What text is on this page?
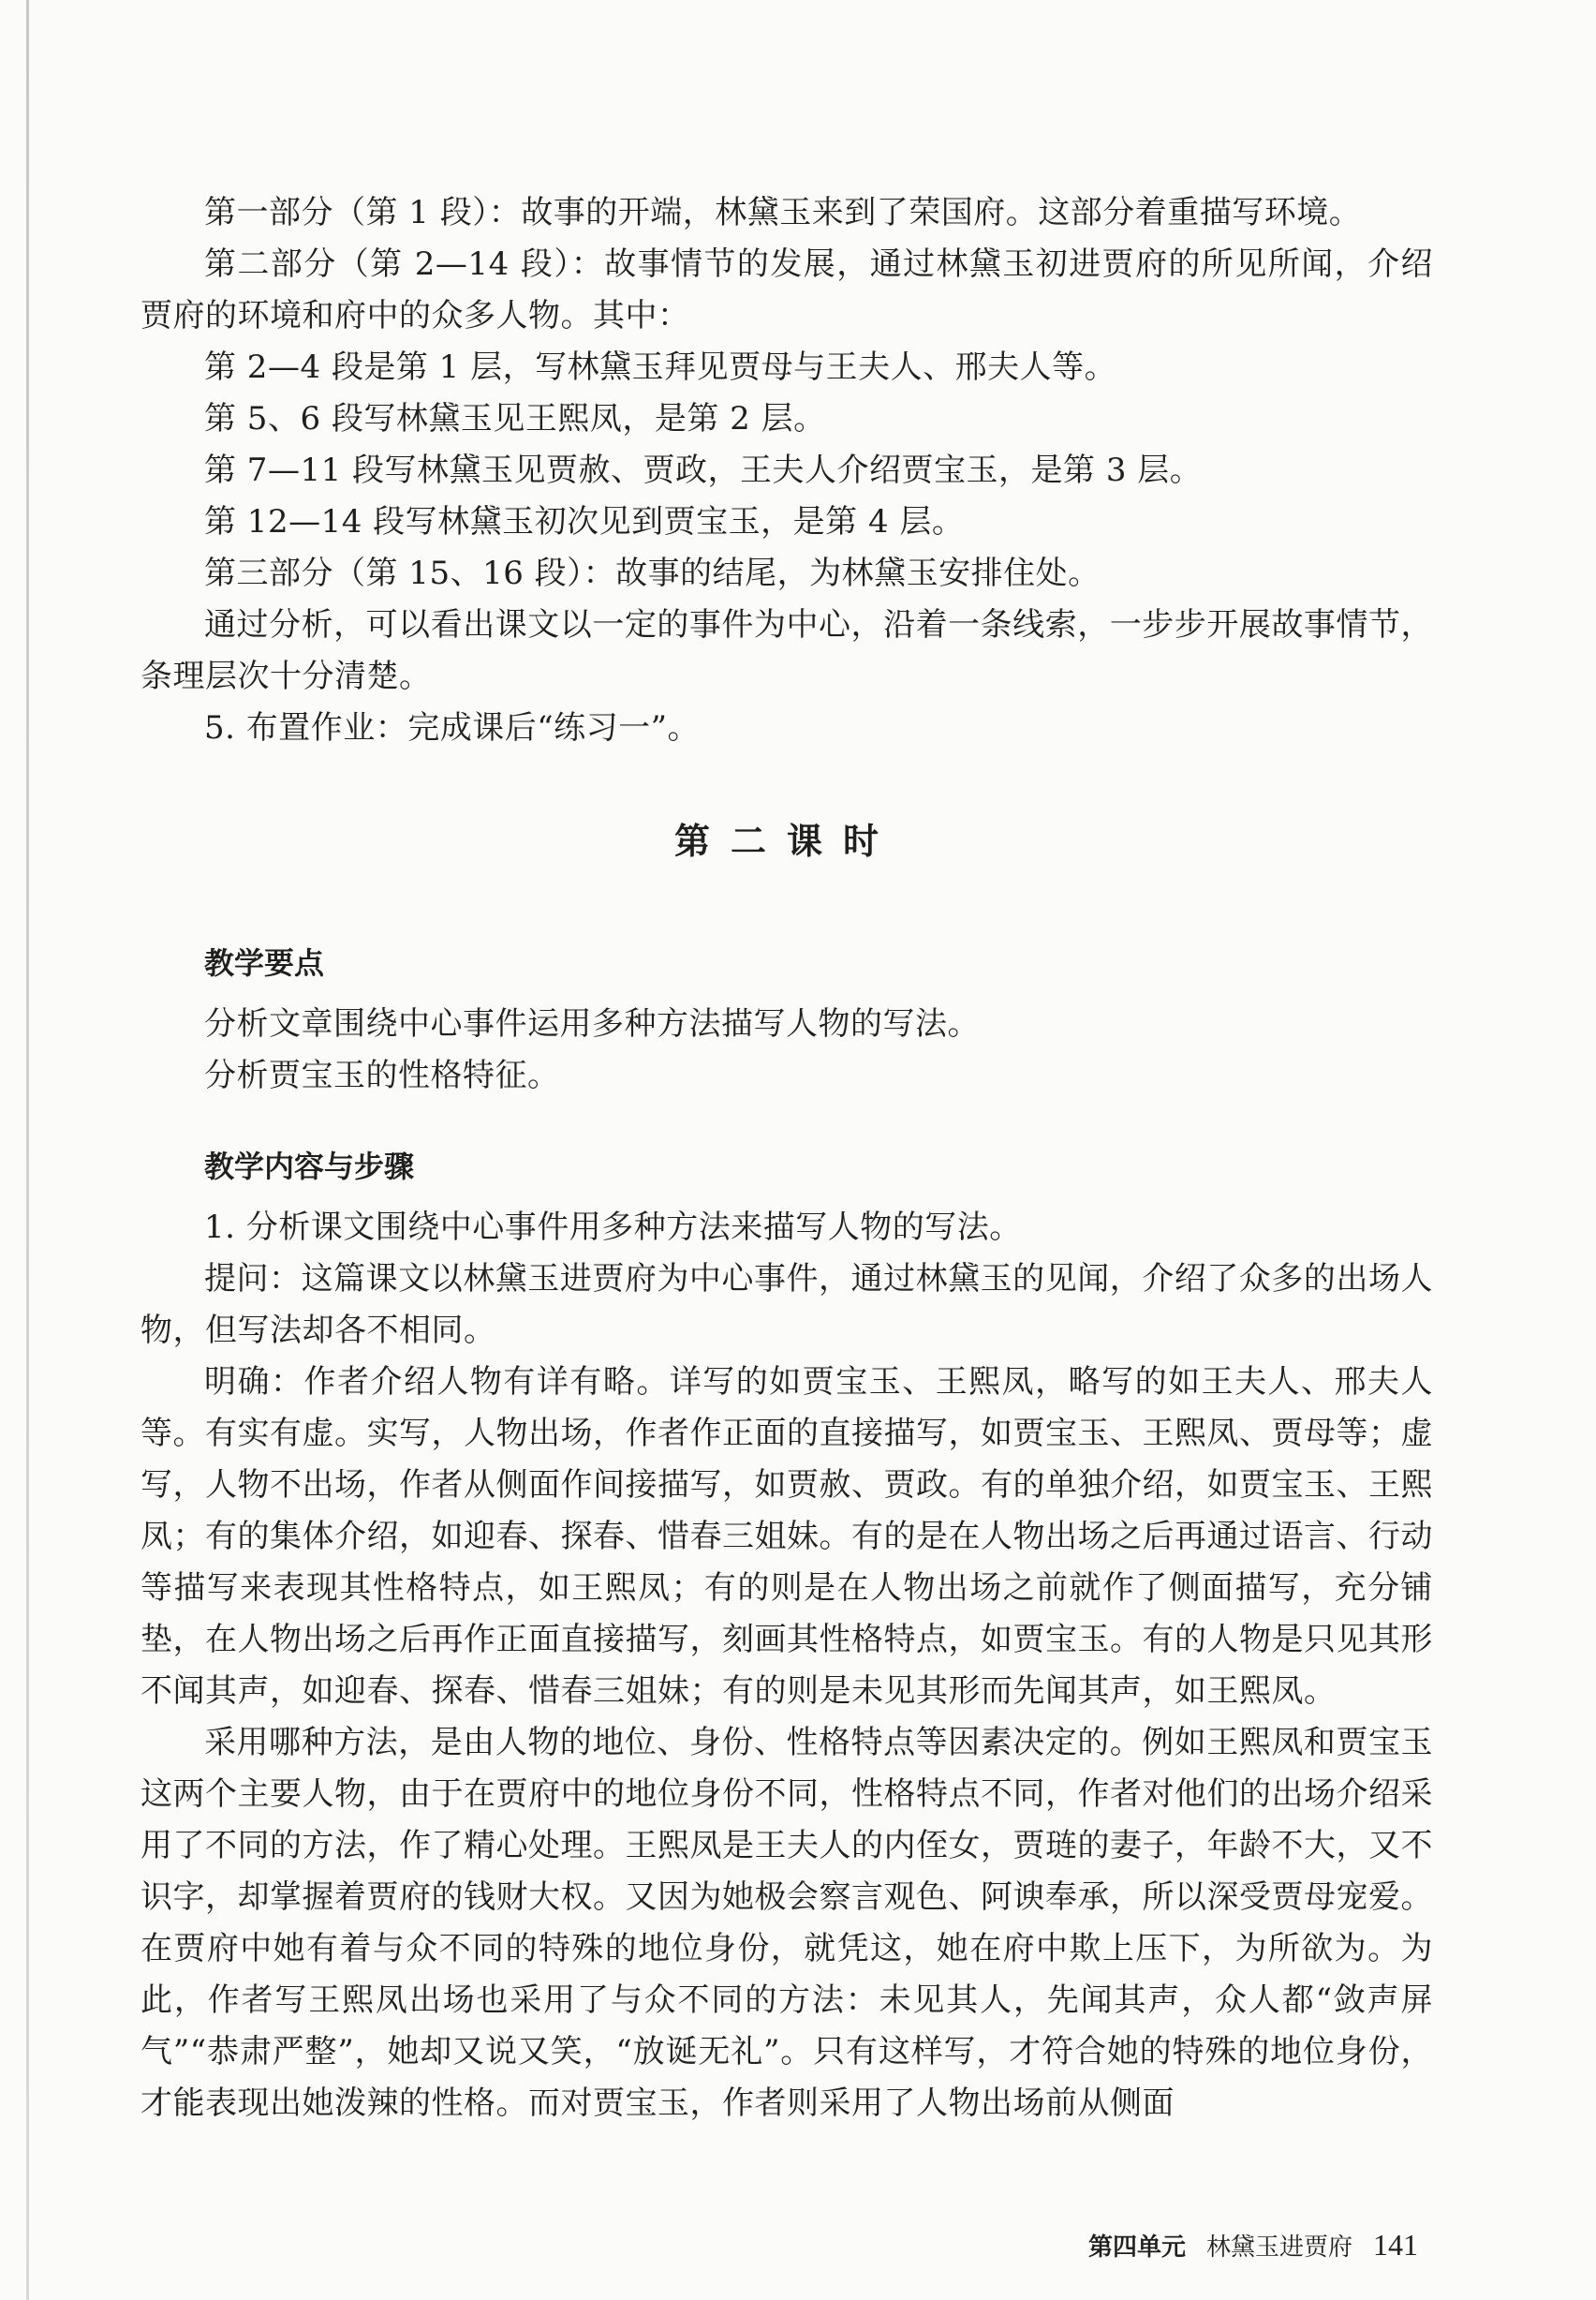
第一部分（第 1 段）：故事的开端，林黛玉来到了荣国府。这部分着重描写环境。

第二部分（第 2—14 段）：故事情节的发展，通过林黛玉初进贾府的所见所闻，介绍贾府的环境和府中的众多人物。其中：

第 2—4 段是第 1 层，写林黛玉拜见贾母与王夫人、邢夫人等。

第 5、6 段写林黛玉见王熙凤，是第 2 层。

第 7—11 段写林黛玉见贾赦、贾政，王夫人介绍贾宝玉，是第 3 层。

第 12—14 段写林黛玉初次见到贾宝玉，是第 4 层。

第三部分（第 15、16 段）：故事的结尾，为林黛玉安排住处。

通过分析，可以看出课文以一定的事件为中心，沿着一条线索，一步步开展故事情节，条理层次十分清楚。

5. 布置作业：完成课后“练习一”。

第二课时
教学要点

分析文章围绕中心事件运用多种方法描写人物的写法。

分析贾宝玉的性格特征。

教学内容与步骤

1. 分析课文围绕中心事件用多种方法来描写人物的写法。

提问：这篇课文以林黛玉进贾府为中心事件，通过林黛玉的见闻，介绍了众多的出场人物，但写法却各不相同。

明确：作者介绍人物有详有略。详写的如贾宝玉、王熙凤，略写的如王夫人、邢夫人等。有实有虚。实写，人物出场，作者作正面的直接描写，如贾宝玉、王熙凤、贾母等；虚写，人物不出场，作者从侧面作间接描写，如贾赦、贾政。有的单独介绍，如贾宝玉、王熙凤；有的集体介绍，如迎春、探春、惜春三姐妹。有的是在人物出场之后再通过语言、行动等描写来表现其性格特点，如王熙凤；有的则是在人物出场之前就作了侧面描写，充分铺垫，在人物出场之后再作正面直接描写，刻画其性格特点，如贾宝玉。有的人物是只见其形不闻其声，如迎春、探春、惜春三姐妹；有的则是未见其形而先闻其声，如王熙凤。

采用哪种方法，是由人物的地位、身份、性格特点等因素决定的。例如王熙凤和贾宝玉这两个主要人物，由于在贾府中的地位身份不同，性格特点不同，作者对他们的出场介绍采用了不同的方法，作了精心处理。王熙凤是王夫人的内侄女，贾琏的妻子，年龄不大，又不识字，却掌握着贾府的钱财大权。又因为她极会察言观色、阿谀奉承，所以深受贾母宠爱。在贾府中她有着与众不同的特殊的地位身份，就凭这，她在府中欺上压下，为所欲为。为此，作者写王熙凤出场也采用了与众不同的方法：未见其人，先闻其声，众人都“敛声屏气”“恭肃严整”，她却又说又笑，“放诞无礼”。只有这样写，才符合她的特殊的地位身份，才能表现出她泼辣的性格。而对贾宝玉，作者则采用了人物出场前从侧面

第四单元 林黛玉进贾府 141
